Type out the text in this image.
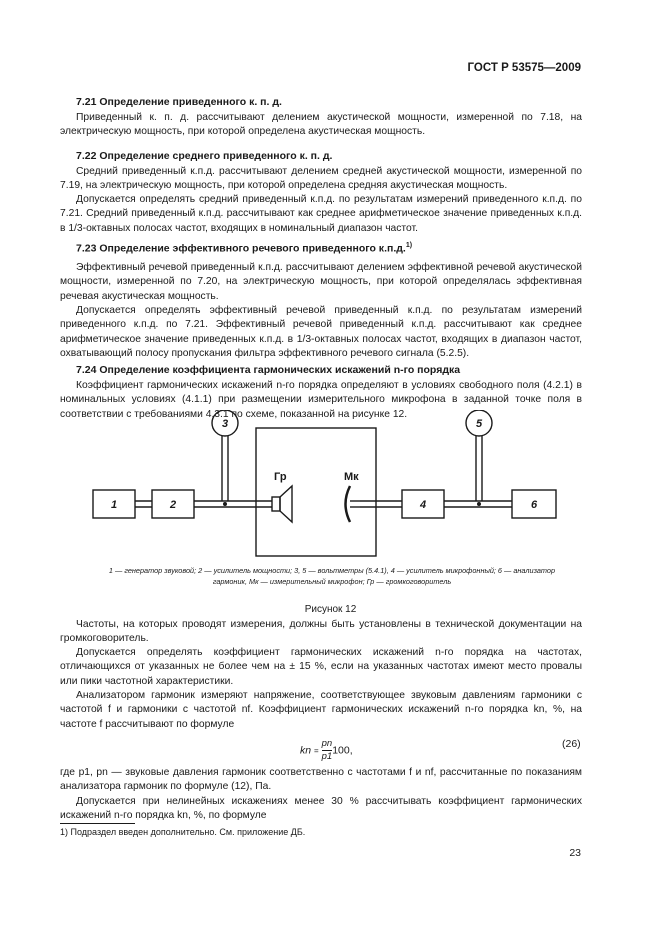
ГОСТ Р 53575—2009
7.21 Определение приведенного к. п. д.
Приведенный к. п. д. рассчитывают делением акустической мощности, измеренной по 7.18, на электрическую мощность, при которой определена акустическая мощность.
7.22 Определение среднего приведенного к. п. д.
Средний приведенный к.п.д. рассчитывают делением средней акустической мощности, измеренной по 7.19, на электрическую мощность, при которой определена средняя акустическая мощность.
Допускается определять средний приведенный к.п.д. по результатам измерений приведенного к.п.д. по 7.21. Средний приведенный к.п.д. рассчитывают как среднее арифметическое значение приведенных к.п.д. в 1/3-октавных полосах частот, входящих в номинальный диапазон частот.
7.23 Определение эффективного речевого приведенного к.п.д.$^{1)}$
Эффективный речевой приведенный к.п.д. рассчитывают делением эффективной речевой акустической мощности, измеренной по 7.20, на электрическую мощность, при которой определялась эффективная речевая акустическая мощность.
Допускается определять эффективный речевой приведенный к.п.д. по результатам измерений приведенного к.п.д. по 7.21. Эффективный речевой приведенный к.п.д. рассчитывают как среднее арифметическое значение приведенных к.п.д. в 1/3-октавных полосах частот, входящих в диапазон частот, охватывающий полосу пропускания фильтра эффективного речевого сигнала (5.2.5).
7.24 Определение коэффициента гармонических искажений n-го порядка
Коэффициент гармонических искажений n-го порядка определяют в условиях свободного поля (4.2.1) в номинальных условиях (4.1.1) при размещении измерительного микрофона в заданной точке поля в соответствии с требованиями 4.3.1 по схеме, показанной на рисунке 12.
1	2	4	6
3	5
Гр	Мк
1 — генератор звуковой; 2 — усилитель мощности; 3, 5 — вольтметры (5.4.1), 4 — усилитель микрофонный; 6 — анализатор
гармоник, Мк — измерительный микрофон; Гр — громкоговоритель
Рисунок 12
Частоты, на которых проводят измерения, должны быть установлены в технической документации на громкоговоритель.
Допускается определять коэффициент гармонических искажений n-го порядка на частотах, отличающихся от указанных не более чем на ± 15 %, если на указанных частотах имеют место провалы или пики частотной характеристики.
Анализатором гармоник измеряют напряжение, соответствующее звуковым давлениям гармоники с частотой f и гармоники с частотой nf. Коэффициент гармонических искажений n-го порядка kn, %, на частоте f рассчитывают по формуле
kn = $\frac{pn}{p1} 100$,
(26)
где p1, pn — звуковые давления гармоник соответственно с частотами f и nf, рассчитанные по показаниям анализатора гармоник по формуле (12), Па.
Допускается при нелинейных искажениях менее 30 % рассчитывать коэффициент гармонических искажений n-го порядка kn, %, по формуле
1) Подраздел введен дополнительно. См. приложение ДБ.
23
